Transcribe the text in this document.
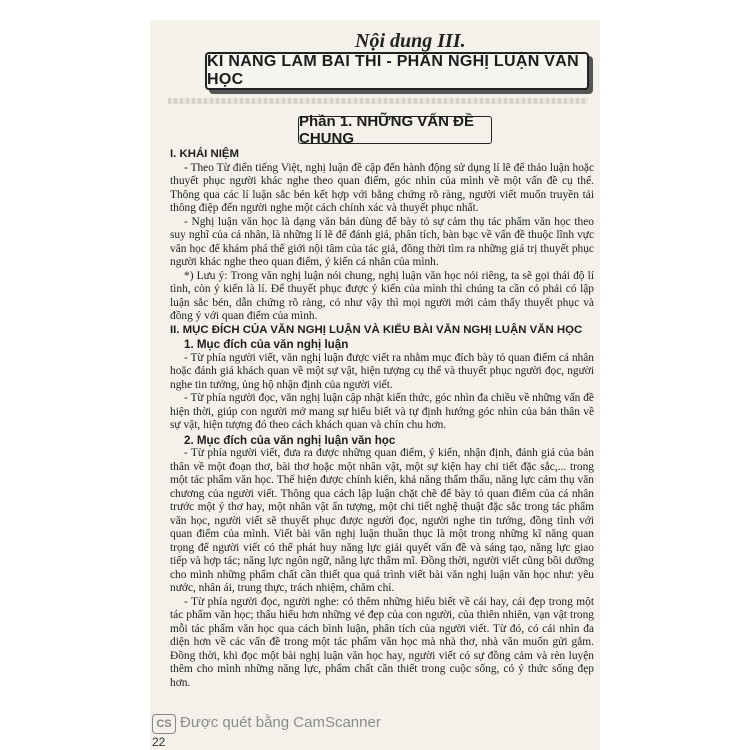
Nội dung III.
KĨ NĂNG LÀM BÀI THI - PHẦN NGHỊ LUẬN VĂN HỌC
Phần 1. NHỮNG VẤN ĐỀ CHUNG
I. KHÁI NIỆM

- Theo Từ điển tiếng Việt, nghị luận đề cập đến hành động sử dụng lí lẽ để thảo luận hoặc thuyết phục người khác nghe theo quan điểm, góc nhìn của mình về một vấn đề cụ thể. Thông qua các lí luận sắc bén kết hợp với bằng chứng rõ ràng, người viết muốn truyền tải thông điệp đến người nghe một cách chính xác và thuyết phục nhất.

- Nghị luận văn học là dạng văn bản dùng để bày tỏ sự cảm thụ tác phẩm văn học theo suy nghĩ của cá nhân, là những lí lẽ để đánh giá, phân tích, bàn bạc về vấn đề thuộc lĩnh vực văn học để khám phá thế giới nội tâm của tác giả, đồng thời tìm ra những giá trị thuyết phục người khác nghe theo quan điểm, ý kiến cá nhân của mình.

*) Lưu ý: Trong văn nghị luận nói chung, nghị luận văn học nói riêng, ta sẽ gọi thái độ lí tình, còn ý kiến là lí. Để thuyết phục được ý kiến của mình thì chúng ta cần có phải có lập luận sắc bén, dẫn chứng rõ ràng, có như vậy thì mọi người mới cảm thấy thuyết phục và đồng ý với quan điểm của mình.

II. MỤC ĐÍCH CỦA VĂN NGHỊ LUẬN VÀ KIỂU BÀI VĂN NGHỊ LUẬN VĂN HỌC
1. Mục đích của văn nghị luận

- Từ phía người viết, văn nghị luận được viết ra nhằm mục đích bày tỏ quan điểm cá nhân hoặc đánh giá khách quan về một sự vật, hiện tượng cụ thể và thuyết phục người đọc, người nghe tin tưởng, ủng hộ nhận định của người viết.

- Từ phía người đọc, văn nghị luận cập nhật kiến thức, góc nhìn đa chiều về những vấn đề hiện thời, giúp con người mở mang sự hiểu biết và tự định hướng góc nhìn của bản thân về sự vật, hiện tượng đó theo cách khách quan và chín chu hơn.

2. Mục đích của văn nghị luận văn học

- Từ phía người viết, đưa ra được những quan điểm, ý kiến, nhận định, đánh giá của bản thân về một đoạn thơ, bài thơ hoặc một nhân vật, một sự kiện hay chi tiết đặc sắc,... trong một tác phẩm văn học. Thể hiện được chính kiến, khả năng thẩm thấu, năng lực cảm thụ văn chương của người viết. Thông qua cách lập luận chặt chẽ để bày tỏ quan điểm của cá nhân trước một ý thơ hay, một nhân vật ấn tượng, một chi tiết nghệ thuật đặc sắc trong tác phẩm văn học, người viết sẽ thuyết phục được người đọc, người nghe tin tưởng, đồng tình với quan điểm của mình. Viết bài văn nghị luận thuần thục là một trong những kĩ năng quan trọng để người viết có thể phát huy năng lực giải quyết vấn đề và sáng tạo, năng lực giao tiếp và hợp tác; năng lực ngôn ngữ, năng lực thẩm mĩ. Đồng thời, người viết cũng bồi dưỡng cho mình những phẩm chất cần thiết qua quá trình viết bài văn nghị luận văn học như: yêu nước, nhân ái, trung thực, trách nhiệm, chăm chỉ.

- Từ phía người đọc, người nghe: có thêm những hiểu biết về cái hay, cái đẹp trong một tác phẩm văn học; thấu hiểu hơn những vẻ đẹp của con người, của thiên nhiên, vạn vật trong mỗi tác phẩm văn học qua cách bình luận, phân tích của người viết. Từ đó, có cái nhìn đa diện hơn về các vấn đề trong một tác phẩm văn học mà nhà thơ, nhà văn muốn gửi gắm. Đồng thời, khi đọc một bài nghị luận văn học hay, người viết có sự đồng cảm và rèn luyện thêm cho mình những năng lực, phẩm chất cần thiết trong cuộc sống, có ý thức sống đẹp hơn.

CS Được quét bằng CamScanner
22
